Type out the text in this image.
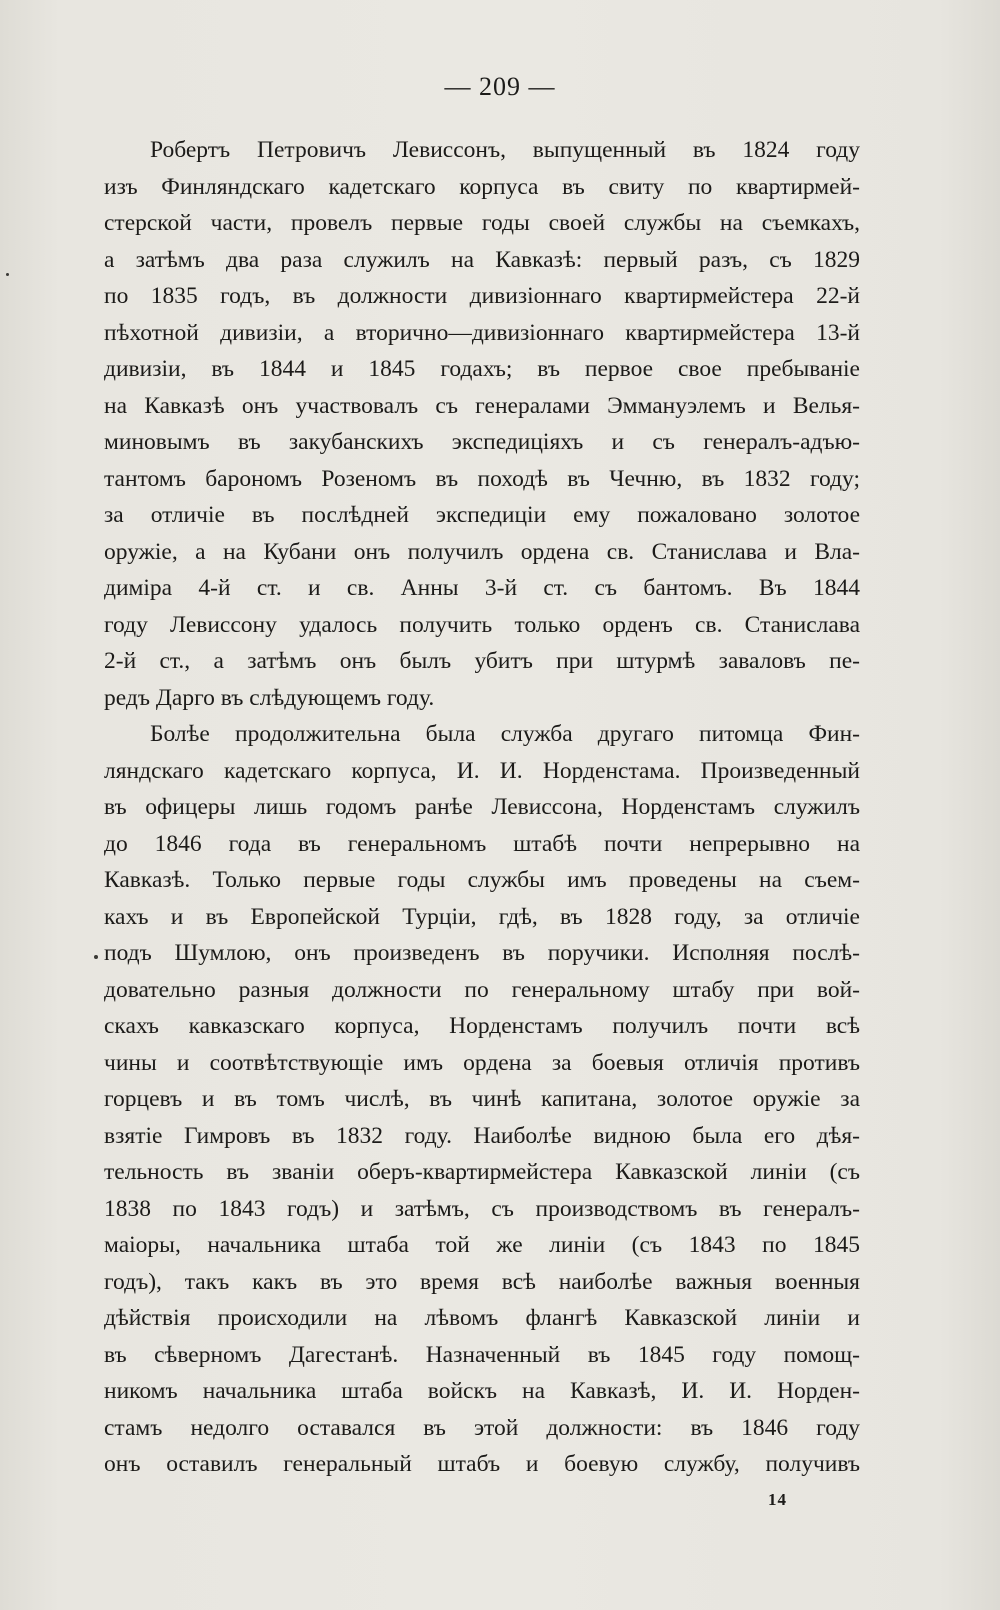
— 209 —
Робертъ Петровичъ Левиссонъ, выпущенный въ 1824 году
изъ Финляндскаго кадетскаго корпуса въ свиту по квартирмей-
стерской части, провелъ первые годы своей службы на съемкахъ,
а затѣмъ два раза служилъ на Кавказѣ: первый разъ, съ 1829
по 1835 годъ, въ должности дивизіоннаго квартирмейстера 22-й
пѣхотной дивизіи, а вторично—дивизіоннаго квартирмейстера 13-й
дивизіи, въ 1844 и 1845 годахъ; въ первое свое пребываніе
на Кавказѣ онъ участвовалъ съ генералами Эммануэлемъ и Велья-
миновымъ въ закубанскихъ экспедиціяхъ и съ генералъ-адъю-
тантомъ барономъ Розеномъ въ походѣ въ Чечню, въ 1832 году;
за отличіе въ послѣдней экспедиціи ему пожаловано золотое
оружіе, а на Кубани онъ получилъ ордена св. Станислава и Вла-
диміра 4-й ст. и св. Анны 3-й ст. съ бантомъ. Въ 1844
году Левиссону удалось получить только орденъ св. Станислава
2-й ст., а затѣмъ онъ былъ убитъ при штурмѣ заваловъ пе-
редъ Дарго въ слѣдующемъ году.
Болѣе продолжительна была служба другаго питомца Фин-
ляндскаго кадетскаго корпуса, И. И. Норденстама. Произведенный
въ офицеры лишь годомъ ранѣе Левиссона, Норденстамъ служилъ
до 1846 года въ генеральномъ штабѣ почти непрерывно на
Кавказѣ. Только первые годы службы имъ проведены на съем-
кахъ и въ Европейской Турціи, гдѣ, въ 1828 году, за отличіе
подъ Шумлою, онъ произведенъ въ поручики. Исполняя послѣ-
довательно разныя должности по генеральному штабу при вой-
скахъ кавказскаго корпуса, Норденстамъ получилъ почти всѣ
чины и соотвѣтствующіе имъ ордена за боевыя отличія противъ
горцевъ и въ томъ числѣ, въ чинѣ капитана, золотое оружіе за
взятіе Гимровъ въ 1832 году. Наиболѣе видною была его дѣя-
тельность въ званіи оберъ-квартирмейстера Кавказской линіи (съ
1838 по 1843 годъ) и затѣмъ, съ производствомъ въ генералъ-
маіоры, начальника штаба той же линіи (съ 1843 по 1845
годъ), такъ какъ въ это время всѣ наиболѣе важныя военныя
дѣйствія происходили на лѣвомъ флангѣ Кавказской линіи и
въ сѣверномъ Дагестанѣ. Назначенный въ 1845 году помощ-
никомъ начальника штаба войскъ на Кавказѣ, И. И. Норден-
стамъ недолго оставался въ этой должности: въ 1846 году
онъ оставилъ генеральный штабъ и боевую службу, получивъ
14
